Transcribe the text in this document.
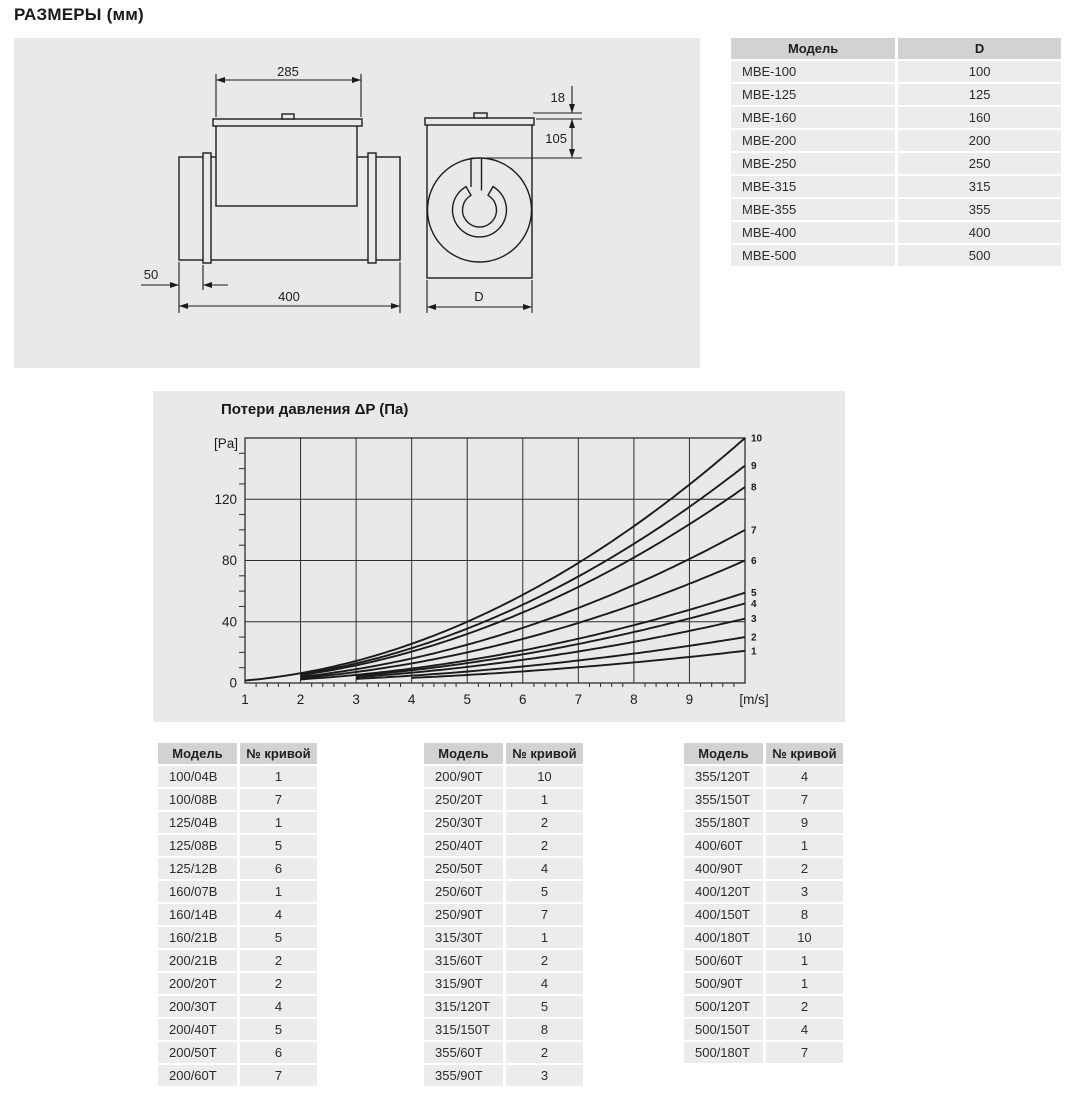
РАЗМЕРЫ (мм)
285
50
400
18
105
D
Модель	D
МВЕ-100	100
МВЕ-125	125
МВЕ-160	160
МВЕ-200	200
МВЕ-250	250
МВЕ-315	315
МВЕ-355	355
МВЕ-400	400
МВЕ-500	500
Потери давления ΔP (Па)
1
2
3
4
5
6
7
8
9
10
1	2	3	4	5	6	7	8	9	[m/s]
0
40
80
120
[Pa]
Модель	№ кривой
100/04В	1
100/08В	7
125/04В	1
125/08В	5
125/12В	6
160/07В	1
160/14В	4
160/21В	5
200/21В	2
200/20Т	2
200/30Т	4
200/40Т	5
200/50Т	6
200/60Т	7
Модель	№ кривой
200/90Т	10
250/20Т	1
250/30Т	2
250/40Т	2
250/50Т	4
250/60Т	5
250/90Т	7
315/30Т	1
315/60Т	2
315/90Т	4
315/120Т	5
315/150Т	8
355/60Т	2
355/90Т	3
Модель	№ кривой
355/120Т	4
355/150Т	7
355/180Т	9
400/60Т	1
400/90Т	2
400/120Т	3
400/150Т	8
400/180Т	10
500/60Т	1
500/90Т	1
500/120Т	2
500/150Т	4
500/180Т	7
